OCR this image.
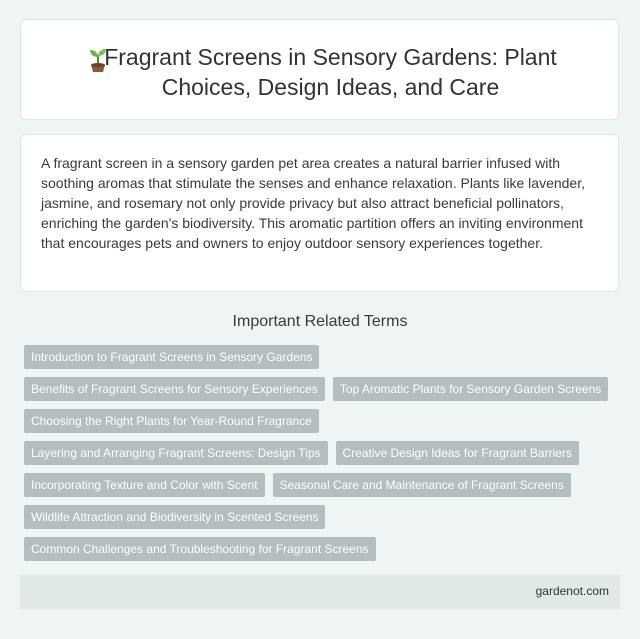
Fragrant Screens in Sensory Gardens: Plant Choices, Design Ideas, and Care

A fragrant screen in a sensory garden pet area creates a natural barrier infused with soothing aromas that stimulate the senses and enhance relaxation. Plants like lavender, jasmine, and rosemary not only provide privacy but also attract beneficial pollinators, enriching the garden's biodiversity. This aromatic partition offers an inviting environment that encourages pets and owners to enjoy outdoor sensory experiences together.

Important Related Terms
Introduction to Fragrant Screens in Sensory Gardens
Benefits of Fragrant Screens for Sensory Experiences	Top Aromatic Plants for Sensory Garden Screens
Choosing the Right Plants for Year-Round Fragrance
Layering and Arranging Fragrant Screens: Design Tips	Creative Design Ideas for Fragrant Barriers
Incorporating Texture and Color with Scent	Seasonal Care and Maintenance of Fragrant Screens
Wildlife Attraction and Biodiversity in Scented Screens
Common Challenges and Troubleshooting for Fragrant Screens
gardenot.com
